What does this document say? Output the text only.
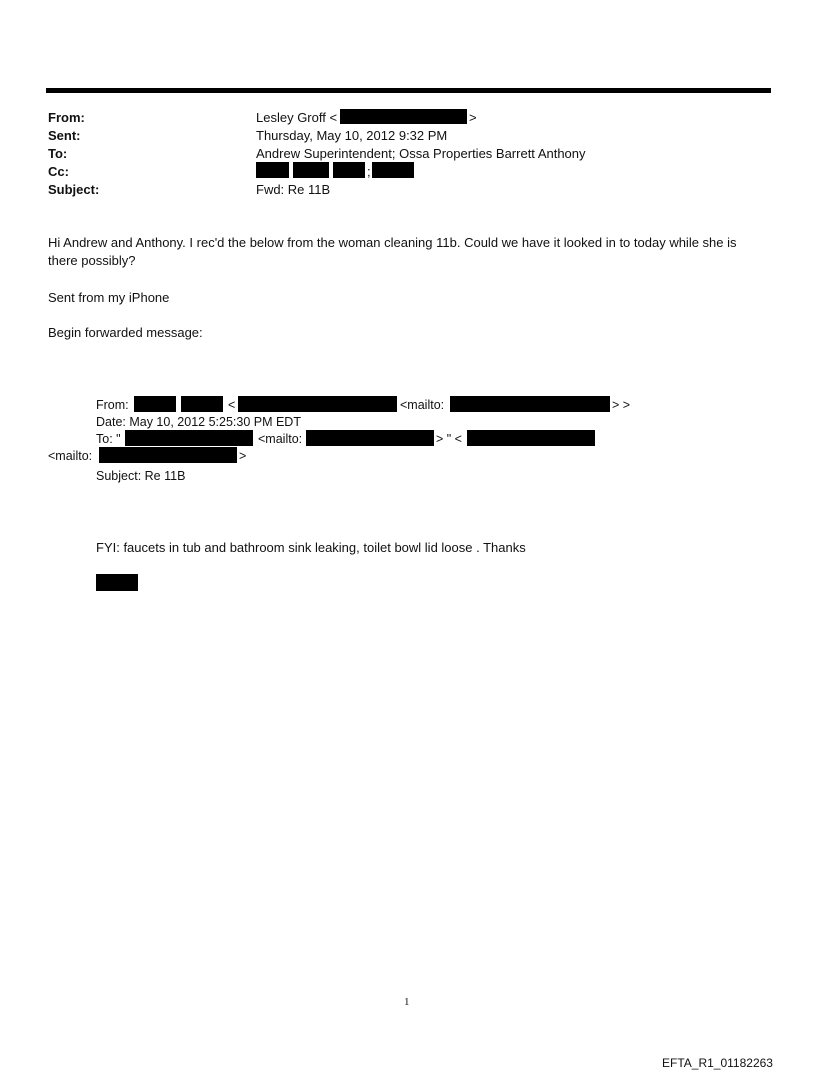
From:	Lesley Groff <	>
Sent:	Thursday, May 10, 2012 9:32 PM
To:	Andrew Superintendent; Ossa Properties Barrett Anthony
Cc:	;
Subject:	Fwd: Re 11B
Hi Andrew and Anthony. I rec'd the below from the woman cleaning 11b. Could we have it looked in to today while she is there possibly?
Sent from my iPhone
Begin forwarded message:
From:	<	<mailto:	> >
Date: May 10, 2012 5:25:30 PM EDT
To: "	<mailto:	> " <
<mailto:	>
Subject: Re 11B
FYI: faucets in tub and bathroom sink leaking, toilet bowl lid loose . Thanks
1
EFTA_R1_01182263
